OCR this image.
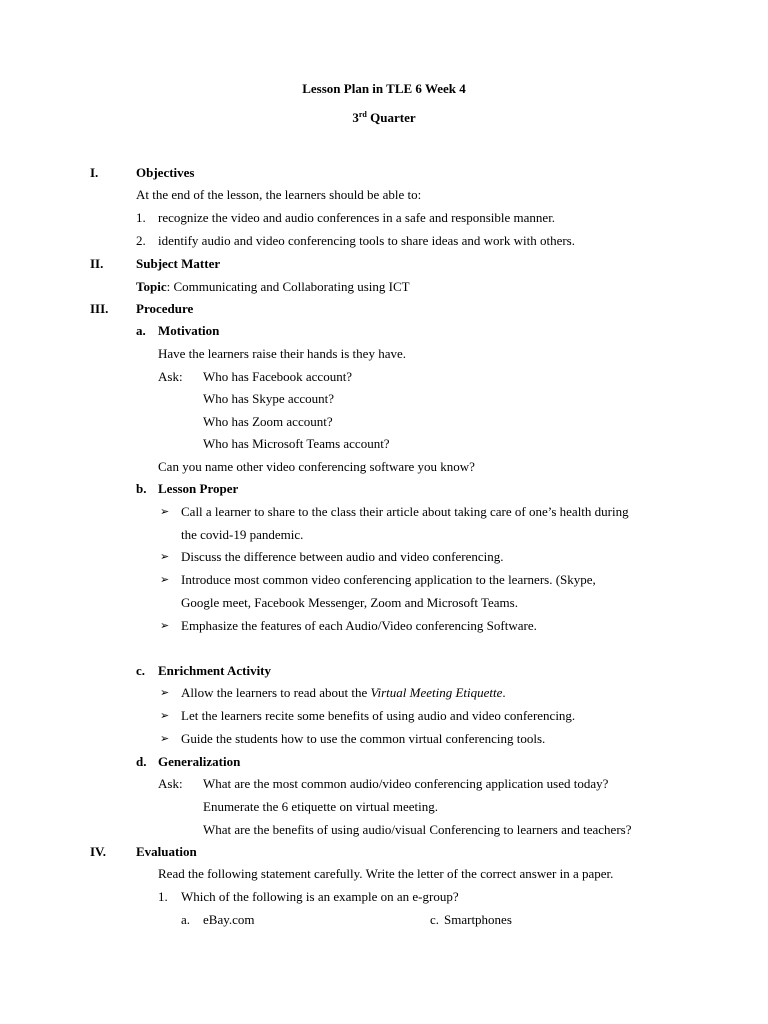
Lesson Plan in TLE 6 Week 4
3rd Quarter
I.	Objectives
At the end of the lesson, the learners should be able to:
1. recognize the video and audio conferences in a safe and responsible manner.
2. identify audio and video conferencing tools to share ideas and work with others.
II.	Subject Matter
Topic: Communicating and Collaborating using ICT
III. Procedure
a. Motivation
Have the learners raise their hands is they have.
Ask: Who has Facebook account?
Who has Skype account?
Who has Zoom account?
Who has Microsoft Teams account?
Can you name other video conferencing software you know?
b. Lesson Proper
➢ Call a learner to share to the class their article about taking care of one’s health during
the covid-19 pandemic.
➢ Discuss the difference between audio and video conferencing.
➢ Introduce most common video conferencing application to the learners. (Skype,
Google meet, Facebook Messenger, Zoom and Microsoft Teams.
➢ Emphasize the features of each Audio/Video conferencing Software.
c. Enrichment Activity
➢ Allow the learners to read about the Virtual Meeting Etiquette.
➢ Let the learners recite some benefits of using audio and video conferencing.
➢ Guide the students how to use the common virtual conferencing tools.
d. Generalization
Ask: What are the most common audio/video conferencing application used today?
Enumerate the 6 etiquette on virtual meeting.
What are the benefits of using audio/visual Conferencing to learners and teachers?
IV. Evaluation
Read the following statement carefully. Write the letter of the correct answer in a paper.
1. Which of the following is an example on an e-group?
a. eBay.com	c. Smartphones
